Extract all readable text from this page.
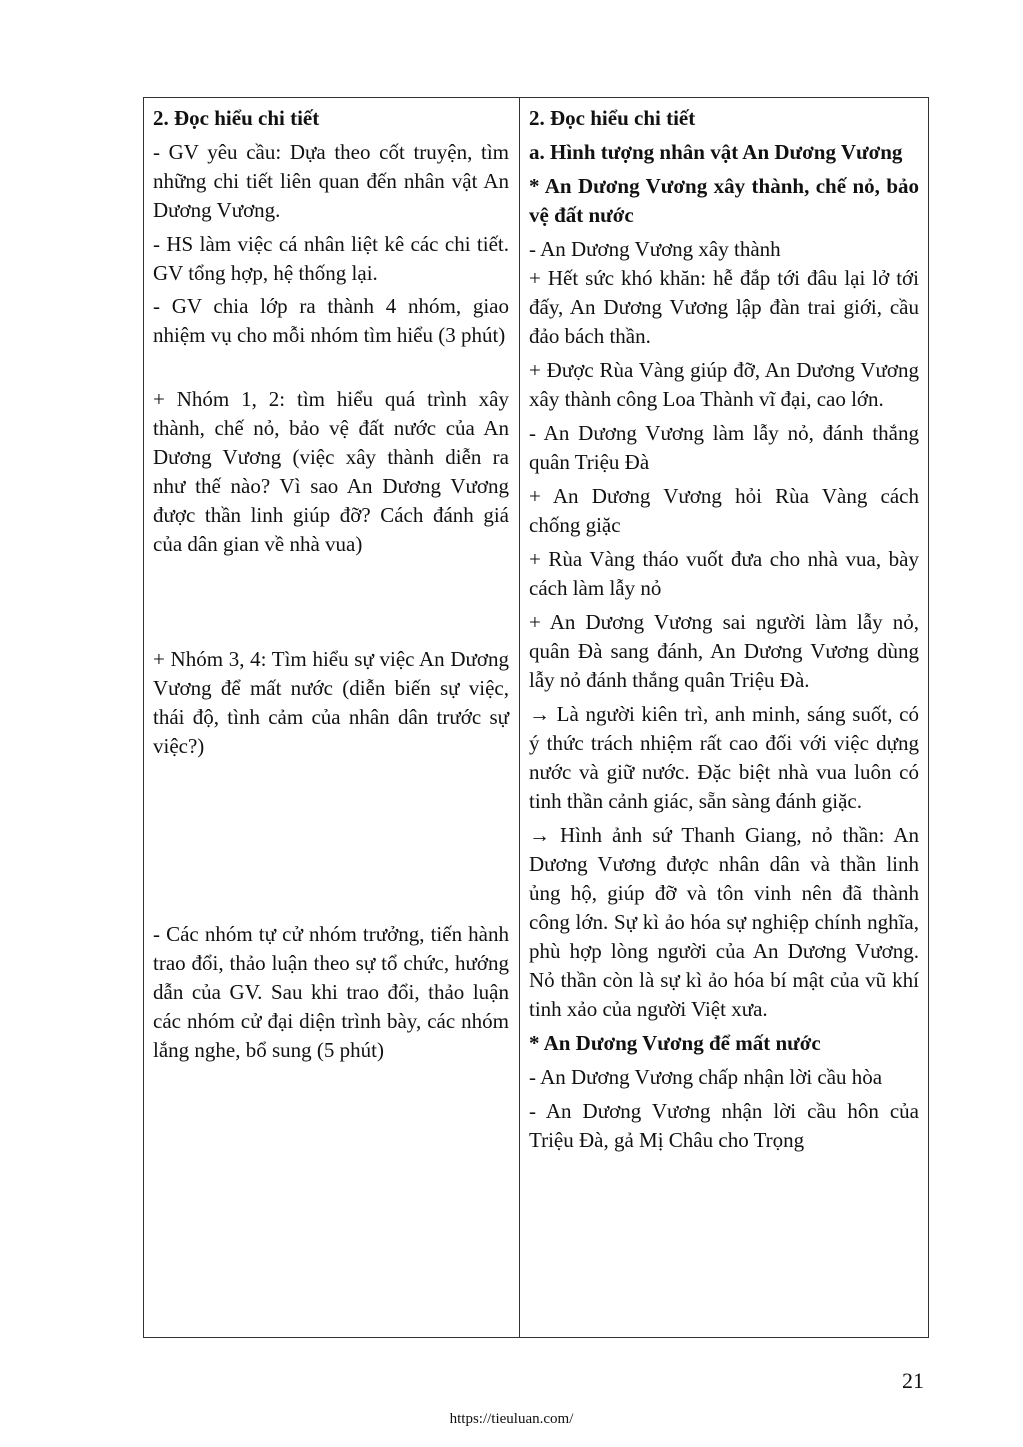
2. Đọc hiểu chi tiết

- GV yêu cầu: Dựa theo cốt truyện, tìm những chi tiết liên quan đến nhân vật An Dương Vương.

- HS làm việc cá nhân liệt kê các chi tiết. GV tổng hợp, hệ thống lại.

- GV chia lớp ra thành 4 nhóm, giao nhiệm vụ cho mỗi nhóm tìm hiểu (3 phút)

+ Nhóm 1, 2: tìm hiểu quá trình xây thành, chế nỏ, bảo vệ đất nước của An Dương Vương (việc xây thành diễn ra như thế nào? Vì sao An Dương Vương được thần linh giúp đỡ? Cách đánh giá của dân gian về nhà vua)

+ Nhóm 3, 4: Tìm hiểu sự việc An Dương Vương để mất nước (diễn biến sự việc, thái độ, tình cảm của nhân dân trước sự việc?)

- Các nhóm tự cử nhóm trưởng, tiến hành trao đổi, thảo luận theo sự tổ chức, hướng dẫn của GV. Sau khi trao đổi, thảo luận các nhóm cử đại diện trình bày, các nhóm lắng nghe, bổ sung (5 phút)

2. Đọc hiểu chi tiết

a. Hình tượng nhân vật An Dương Vương

* An Dương Vương xây thành, chế nỏ, bảo vệ đất nước

- An Dương Vương xây thành

+ Hết sức khó khăn: hễ đắp tới đâu lại lở tới đấy, An Dương Vương lập đàn trai giới, cầu đảo bách thần.

+ Được Rùa Vàng giúp đỡ, An Dương Vương xây thành công Loa Thành vĩ đại, cao lớn.

- An Dương Vương làm lẫy nỏ, đánh thắng quân Triệu Đà

+ An Dương Vương hỏi Rùa Vàng cách chống giặc

+ Rùa Vàng tháo vuốt đưa cho nhà vua, bày cách làm lẫy nỏ

+ An Dương Vương sai người làm lẫy nỏ, quân Đà sang đánh, An Dương Vương dùng lẫy nỏ đánh thắng quân Triệu Đà.

→ Là người kiên trì, anh minh, sáng suốt, có ý thức trách nhiệm rất cao đối với việc dựng nước và giữ nước. Đặc biệt nhà vua luôn có tinh thần cảnh giác, sẵn sàng đánh giặc.

→ Hình ảnh sứ Thanh Giang, nỏ thần: An Dương Vương được nhân dân và thần linh ủng hộ, giúp đỡ và tôn vinh nên đã thành công lớn. Sự kì ảo hóa sự nghiệp chính nghĩa, phù hợp lòng người của An Dương Vương. Nỏ thần còn là sự kì ảo hóa bí mật của vũ khí tinh xảo của người Việt xưa.

* An Dương Vương để mất nước

- An Dương Vương chấp nhận lời cầu hòa

- An Dương Vương nhận lời cầu hôn của Triệu Đà, gả Mị Châu cho Trọng

21
https://tieuluan.com/
